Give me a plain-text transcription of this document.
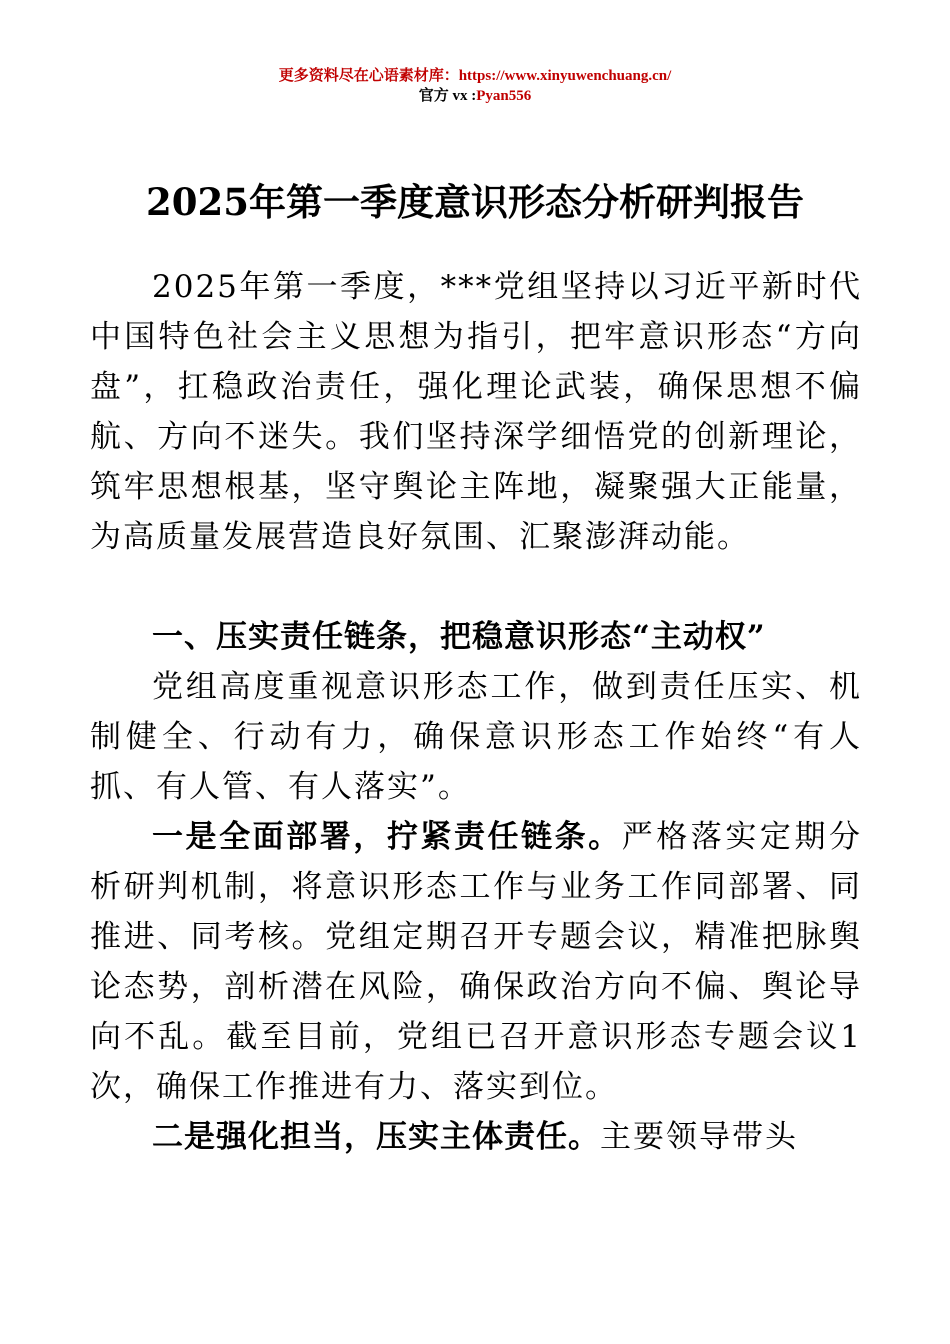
更多资料尽在心语素材库：https://www.xinyuwenchuang.cn/
官方 vx :Pyan556
2025年第一季度意识形态分析研判报告

2025年第一季度，***党组坚持以习近平新时代中国特色社会主义思想为指引，把牢意识形态“方向盘”，扛稳政治责任，强化理论武装，确保思想不偏航、方向不迷失。我们坚持深学细悟党的创新理论，筑牢思想根基，坚守舆论主阵地，凝聚强大正能量，为高质量发展营造良好氛围、汇聚澎湃动能。

一、压实责任链条，把稳意识形态“主动权”

党组高度重视意识形态工作，做到责任压实、机制健全、行动有力，确保意识形态工作始终“有人抓、有人管、有人落实”。

一是全面部署，拧紧责任链条。严格落实定期分析研判机制，将意识形态工作与业务工作同部署、同推进、同考核。党组定期召开专题会议，精准把脉舆论态势，剖析潜在风险，确保政治方向不偏、舆论导向不乱。截至目前，党组已召开意识形态专题会议1次，确保工作推进有力、落实到位。

二是强化担当，压实主体责任。主要领导带头
